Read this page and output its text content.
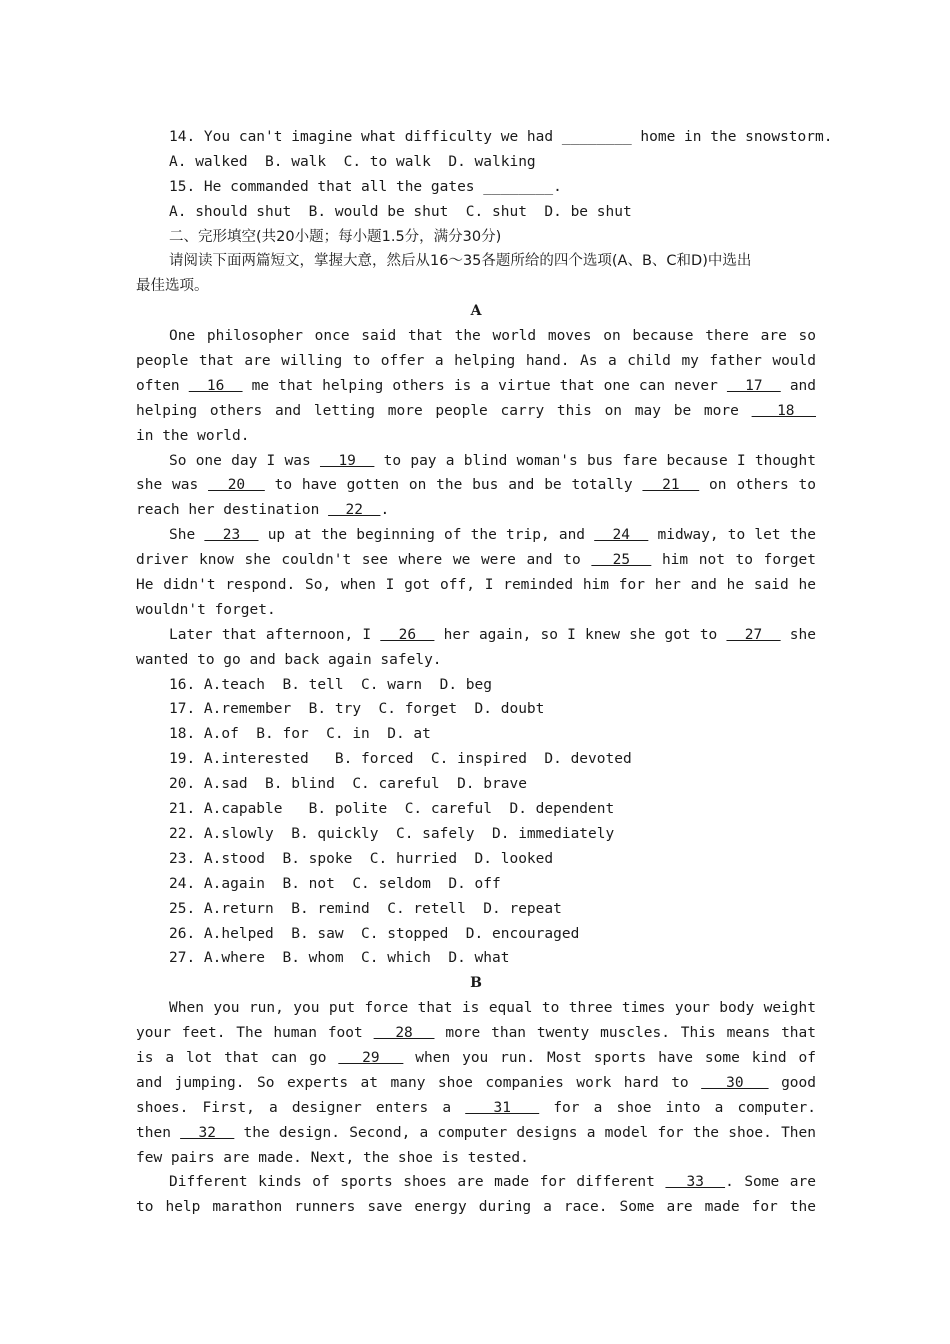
14. You can't imagine what difficulty we had ________ home in the snowstorm.
A. walked  B. walk  C. to walk  D. walking
15. He commanded that all the gates ________.
A. should shut  B. would be shut  C. shut  D. be shut
二、完形填空(共20小题；每小题1.5分，满分30分)
请阅读下面两篇短文，掌握大意，然后从16～35各题所给的四个选项(A、B、C和D)中选出
最佳选项。
A
One philosopher once said that the world moves on because there are so
people that are willing to offer a helping hand. As a child my father would
often   16   me that helping others is a virtue that one can never   17   and
helping others and letting more people carry this on may be more   18
in the world.
So one day I was   19   to pay a blind woman's bus fare because I thought
she was   20   to have gotten on the bus and be totally   21   on others to
reach her destination   22  .
She   23   up at the beginning of the trip, and   24   midway, to let the
driver know she couldn't see where we were and to   25   him not to forget
He didn't respond. So, when I got off, I reminded him for her and he said he
wouldn't forget.
Later that afternoon, I   26   her again, so I knew she got to   27   she
wanted to go and back again safely.
16. A.teach  B. tell  C. warn  D. beg
17. A.remember  B. try  C. forget  D. doubt
18. A.of  B. for  C. in  D. at
19. A.interested   B. forced  C. inspired  D. devoted
20. A.sad  B. blind  C. careful  D. brave
21. A.capable   B. polite  C. careful  D. dependent
22. A.slowly  B. quickly  C. safely  D. immediately
23. A.stood  B. spoke  C. hurried  D. looked
24. A.again  B. not  C. seldom  D. off
25. A.return  B. remind  C. retell  D. repeat
26. A.helped  B. saw  C. stopped  D. encouraged
27. A.where  B. whom  C. which  D. what
B
When you run, you put force that is equal to three times your body weight
your feet. The human foot   28   more than twenty muscles. This means that
is a lot that can go   29   when you run. Most sports have some kind of
and jumping. So experts at many shoe companies work hard to   30   good
shoes. First, a designer enters a   31   for a shoe into a computer.
then   32   the design. Second, a computer designs a model for the shoe. Then
few pairs are made. Next, the shoe is tested.
Different kinds of sports shoes are made for different   33  . Some are
to help marathon runners save energy during a race. Some are made for the
